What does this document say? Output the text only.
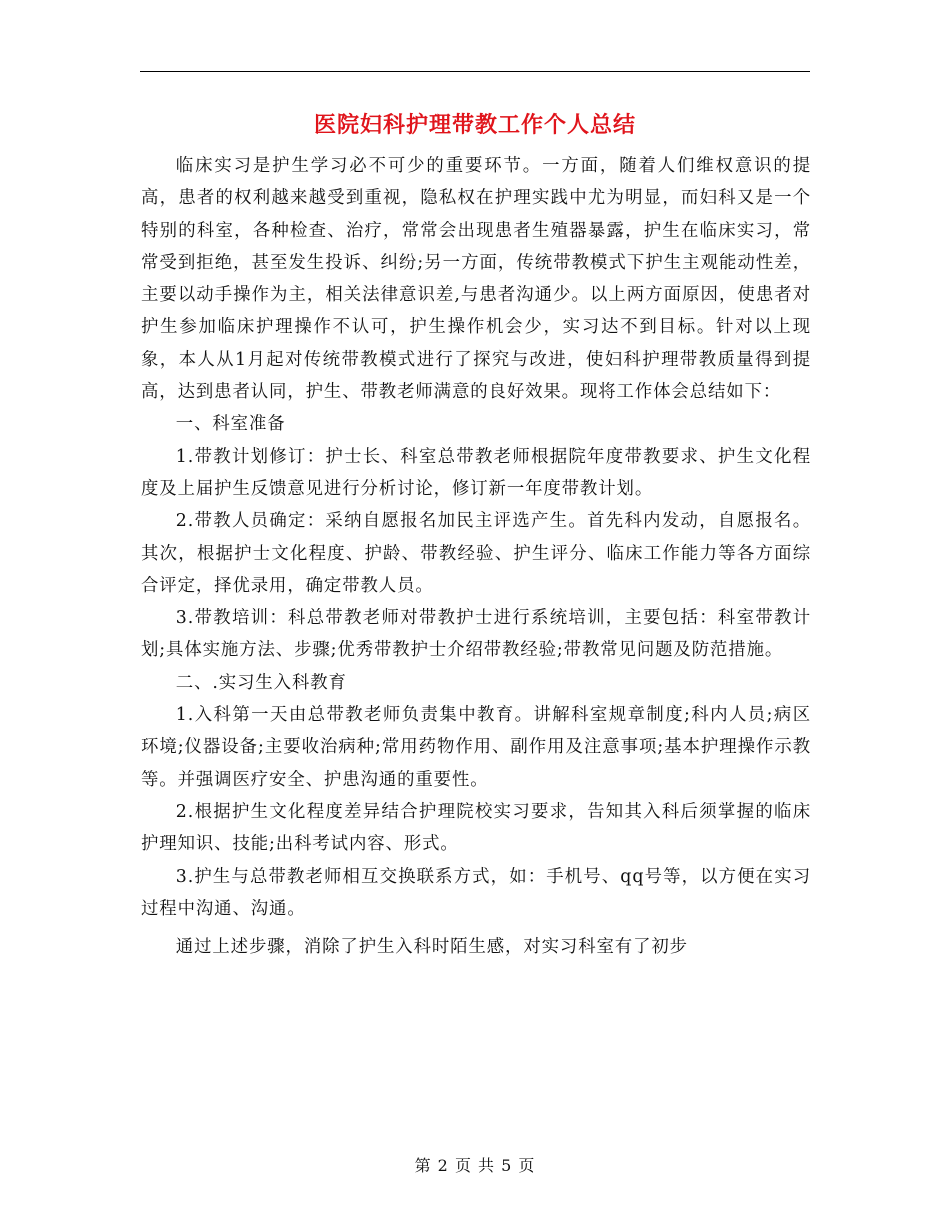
医院妇科护理带教工作个人总结

临床实习是护生学习必不可少的重要环节。一方面，随着人们维权意识的提高，患者的权利越来越受到重视，隐私权在护理实践中尤为明显，而妇科又是一个特别的科室，各种检查、治疗，常常会出现患者生殖器暴露，护生在临床实习，常常受到拒绝，甚至发生投诉、纠纷;另一方面，传统带教模式下护生主观能动性差，主要以动手操作为主，相关法律意识差,与患者沟通少。以上两方面原因，使患者对护生参加临床护理操作不认可，护生操作机会少，实习达不到目标。针对以上现象，本人从1月起对传统带教模式进行了探究与改进，使妇科护理带教质量得到提高，达到患者认同，护生、带教老师满意的良好效果。现将工作体会总结如下：

一、科室准备

1.带教计划修订：护士长、科室总带教老师根据院年度带教要求、护生文化程度及上届护生反馈意见进行分析讨论，修订新一年度带教计划。

2.带教人员确定：采纳自愿报名加民主评选产生。首先科内发动，自愿报名。其次，根据护士文化程度、护龄、带教经验、护生评分、临床工作能力等各方面综合评定，择优录用，确定带教人员。

3.带教培训：科总带教老师对带教护士进行系统培训，主要包括：科室带教计划;具体实施方法、步骤;优秀带教护士介绍带教经验;带教常见问题及防范措施。

二、.实习生入科教育

1.入科第一天由总带教老师负责集中教育。讲解科室规章制度;科内人员;病区环境;仪器设备;主要收治病种;常用药物作用、副作用及注意事项;基本护理操作示教等。并强调医疗安全、护患沟通的重要性。

2.根据护生文化程度差异结合护理院校实习要求，告知其入科后须掌握的临床护理知识、技能;出科考试内容、形式。

3.护生与总带教老师相互交换联系方式，如：手机号、qq号等，以方便在实习过程中沟通、沟通。

通过上述步骤，消除了护生入科时陌生感，对实习科室有了初步

第 2 页 共 5 页
